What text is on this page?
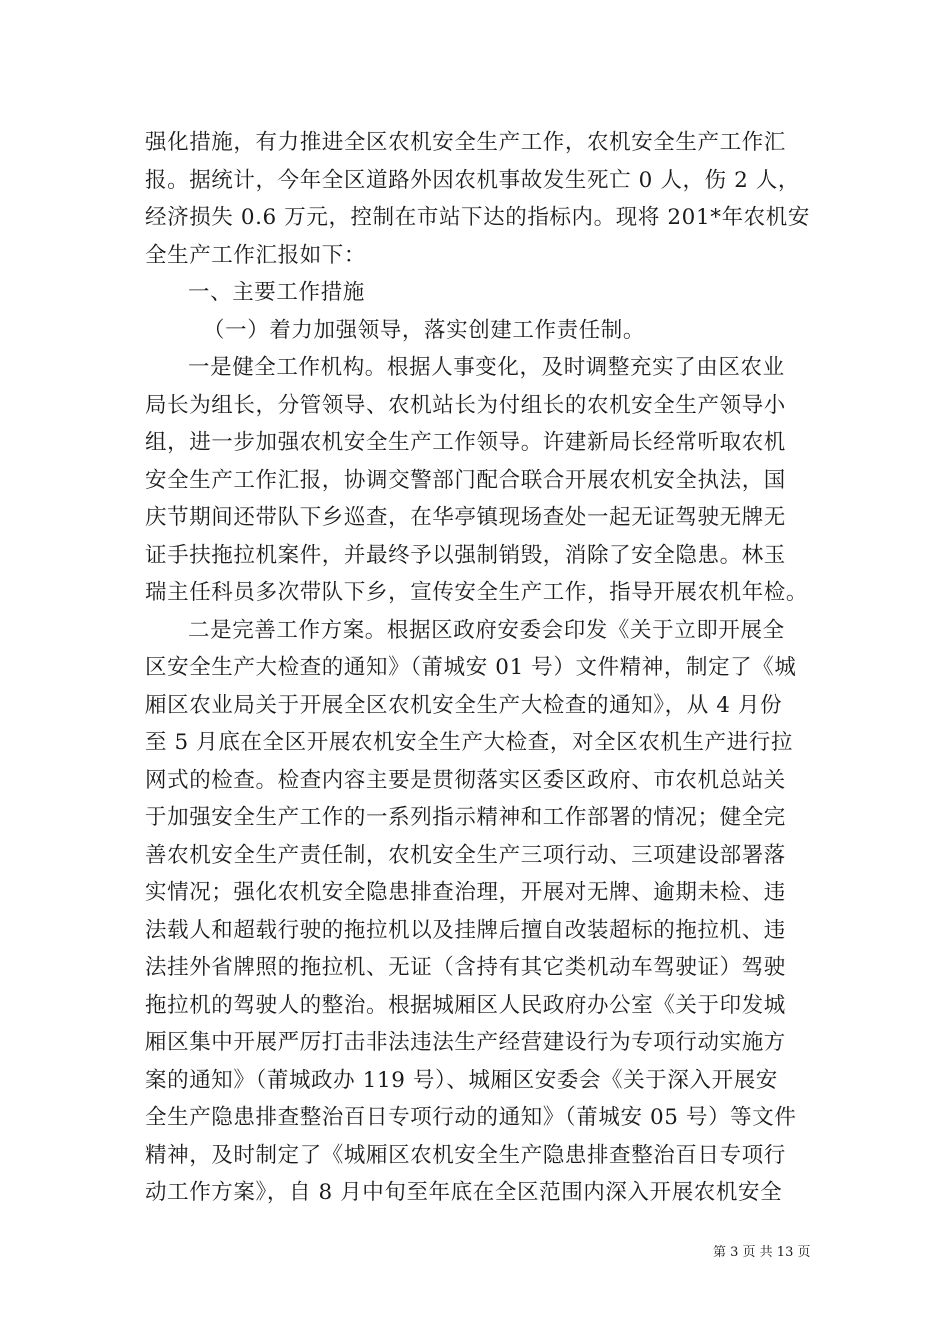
强化措施，有力推进全区农机安全生产工作，农机安全生产工作汇
报。据统计，今年全区道路外因农机事故发生死亡 0 人，伤 2 人，
经济损失 0.6 万元，控制在市站下达的指标内。现将 201*年农机安
全生产工作汇报如下：
一、主要工作措施
（一）着力加强领导，落实创建工作责任制。
一是健全工作机构。根据人事变化，及时调整充实了由区农业
局长为组长，分管领导、农机站长为付组长的农机安全生产领导小
组，进一步加强农机安全生产工作领导。许建新局长经常听取农机
安全生产工作汇报，协调交警部门配合联合开展农机安全执法，国
庆节期间还带队下乡巡查，在华亭镇现场查处一起无证驾驶无牌无
证手扶拖拉机案件，并最终予以强制销毁，消除了安全隐患。林玉
瑞主任科员多次带队下乡，宣传安全生产工作，指导开展农机年检。
二是完善工作方案。根据区政府安委会印发《关于立即开展全
区安全生产大检查的通知》（莆城安 01 号）文件精神，制定了《城
厢区农业局关于开展全区农机安全生产大检查的通知》，从 4 月份
至 5 月底在全区开展农机安全生产大检查，对全区农机生产进行拉
网式的检查。检查内容主要是贯彻落实区委区政府、市农机总站关
于加强安全生产工作的一系列指示精神和工作部署的情况；健全完
善农机安全生产责任制，农机安全生产三项行动、三项建设部署落
实情况；强化农机安全隐患排查治理，开展对无牌、逾期未检、违
法载人和超载行驶的拖拉机以及挂牌后擅自改装超标的拖拉机、违
法挂外省牌照的拖拉机、无证（含持有其它类机动车驾驶证）驾驶
拖拉机的驾驶人的整治。根据城厢区人民政府办公室《关于印发城
厢区集中开展严厉打击非法违法生产经营建设行为专项行动实施方
案的通知》（莆城政办 119 号）、城厢区安委会《关于深入开展安
全生产隐患排查整治百日专项行动的通知》（莆城安 05 号）等文件
精神，及时制定了《城厢区农机安全生产隐患排查整治百日专项行
动工作方案》，自 8 月中旬至年底在全区范围内深入开展农机安全
第 3 页 共 13 页
